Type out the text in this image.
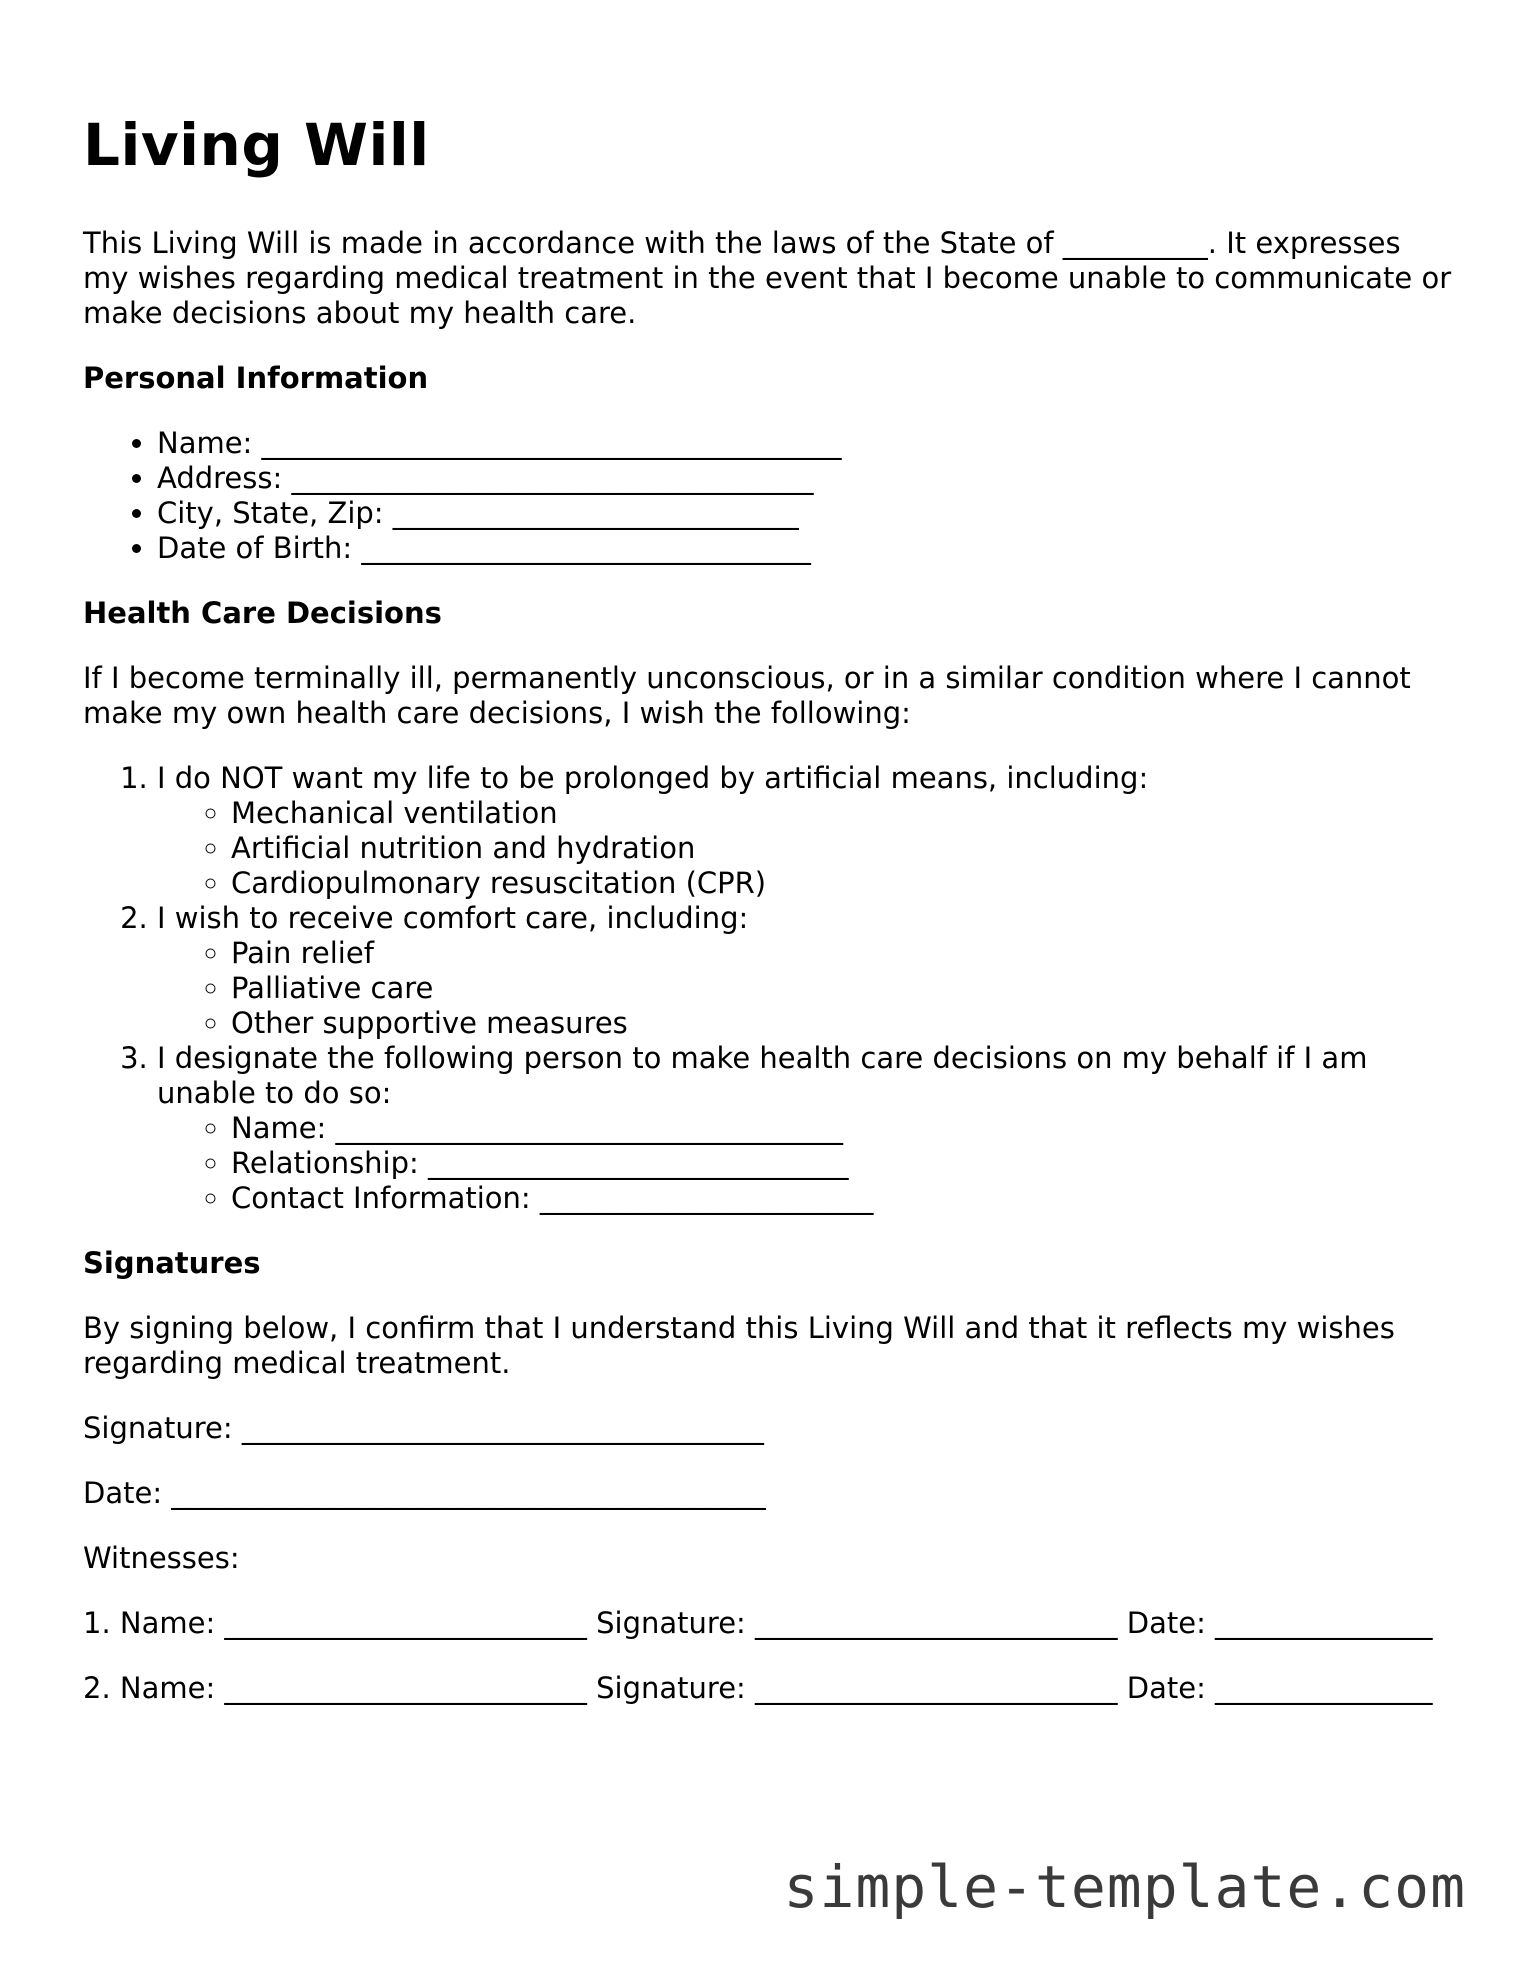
Living Will

This Living Will is made in accordance with the laws of the State of __________. It expresses my wishes regarding medical treatment in the event that I become unable to communicate or make decisions about my health care.

Personal Information
• Name: ________________________________________
• Address: ____________________________________
• City, State, Zip: ____________________________
• Date of Birth: _______________________________
Health Care Decisions

If I become terminally ill, permanently unconscious, or in a similar condition where I cannot make my own health care decisions, I wish the following:

1. I do NOT want my life to be prolonged by artificial means, including:
◦ Mechanical ventilation
◦ Artificial nutrition and hydration
◦ Cardiopulmonary resuscitation (CPR)
2. I wish to receive comfort care, including:
◦ Pain relief
◦ Palliative care
◦ Other supportive measures
3. I designate the following person to make health care decisions on my behalf if I am unable to do so:
◦ Name: ___________________________________
◦ Relationship: _____________________________
◦ Contact Information: _______________________
Signatures

By signing below, I confirm that I understand this Living Will and that it reflects my wishes regarding medical treatment.

Signature: ____________________________________

Date: _________________________________________

Witnesses:

1. Name: _________________________ Signature: _________________________ Date: _______________

2. Name: _________________________ Signature: _________________________ Date: _______________

simple-template.com
